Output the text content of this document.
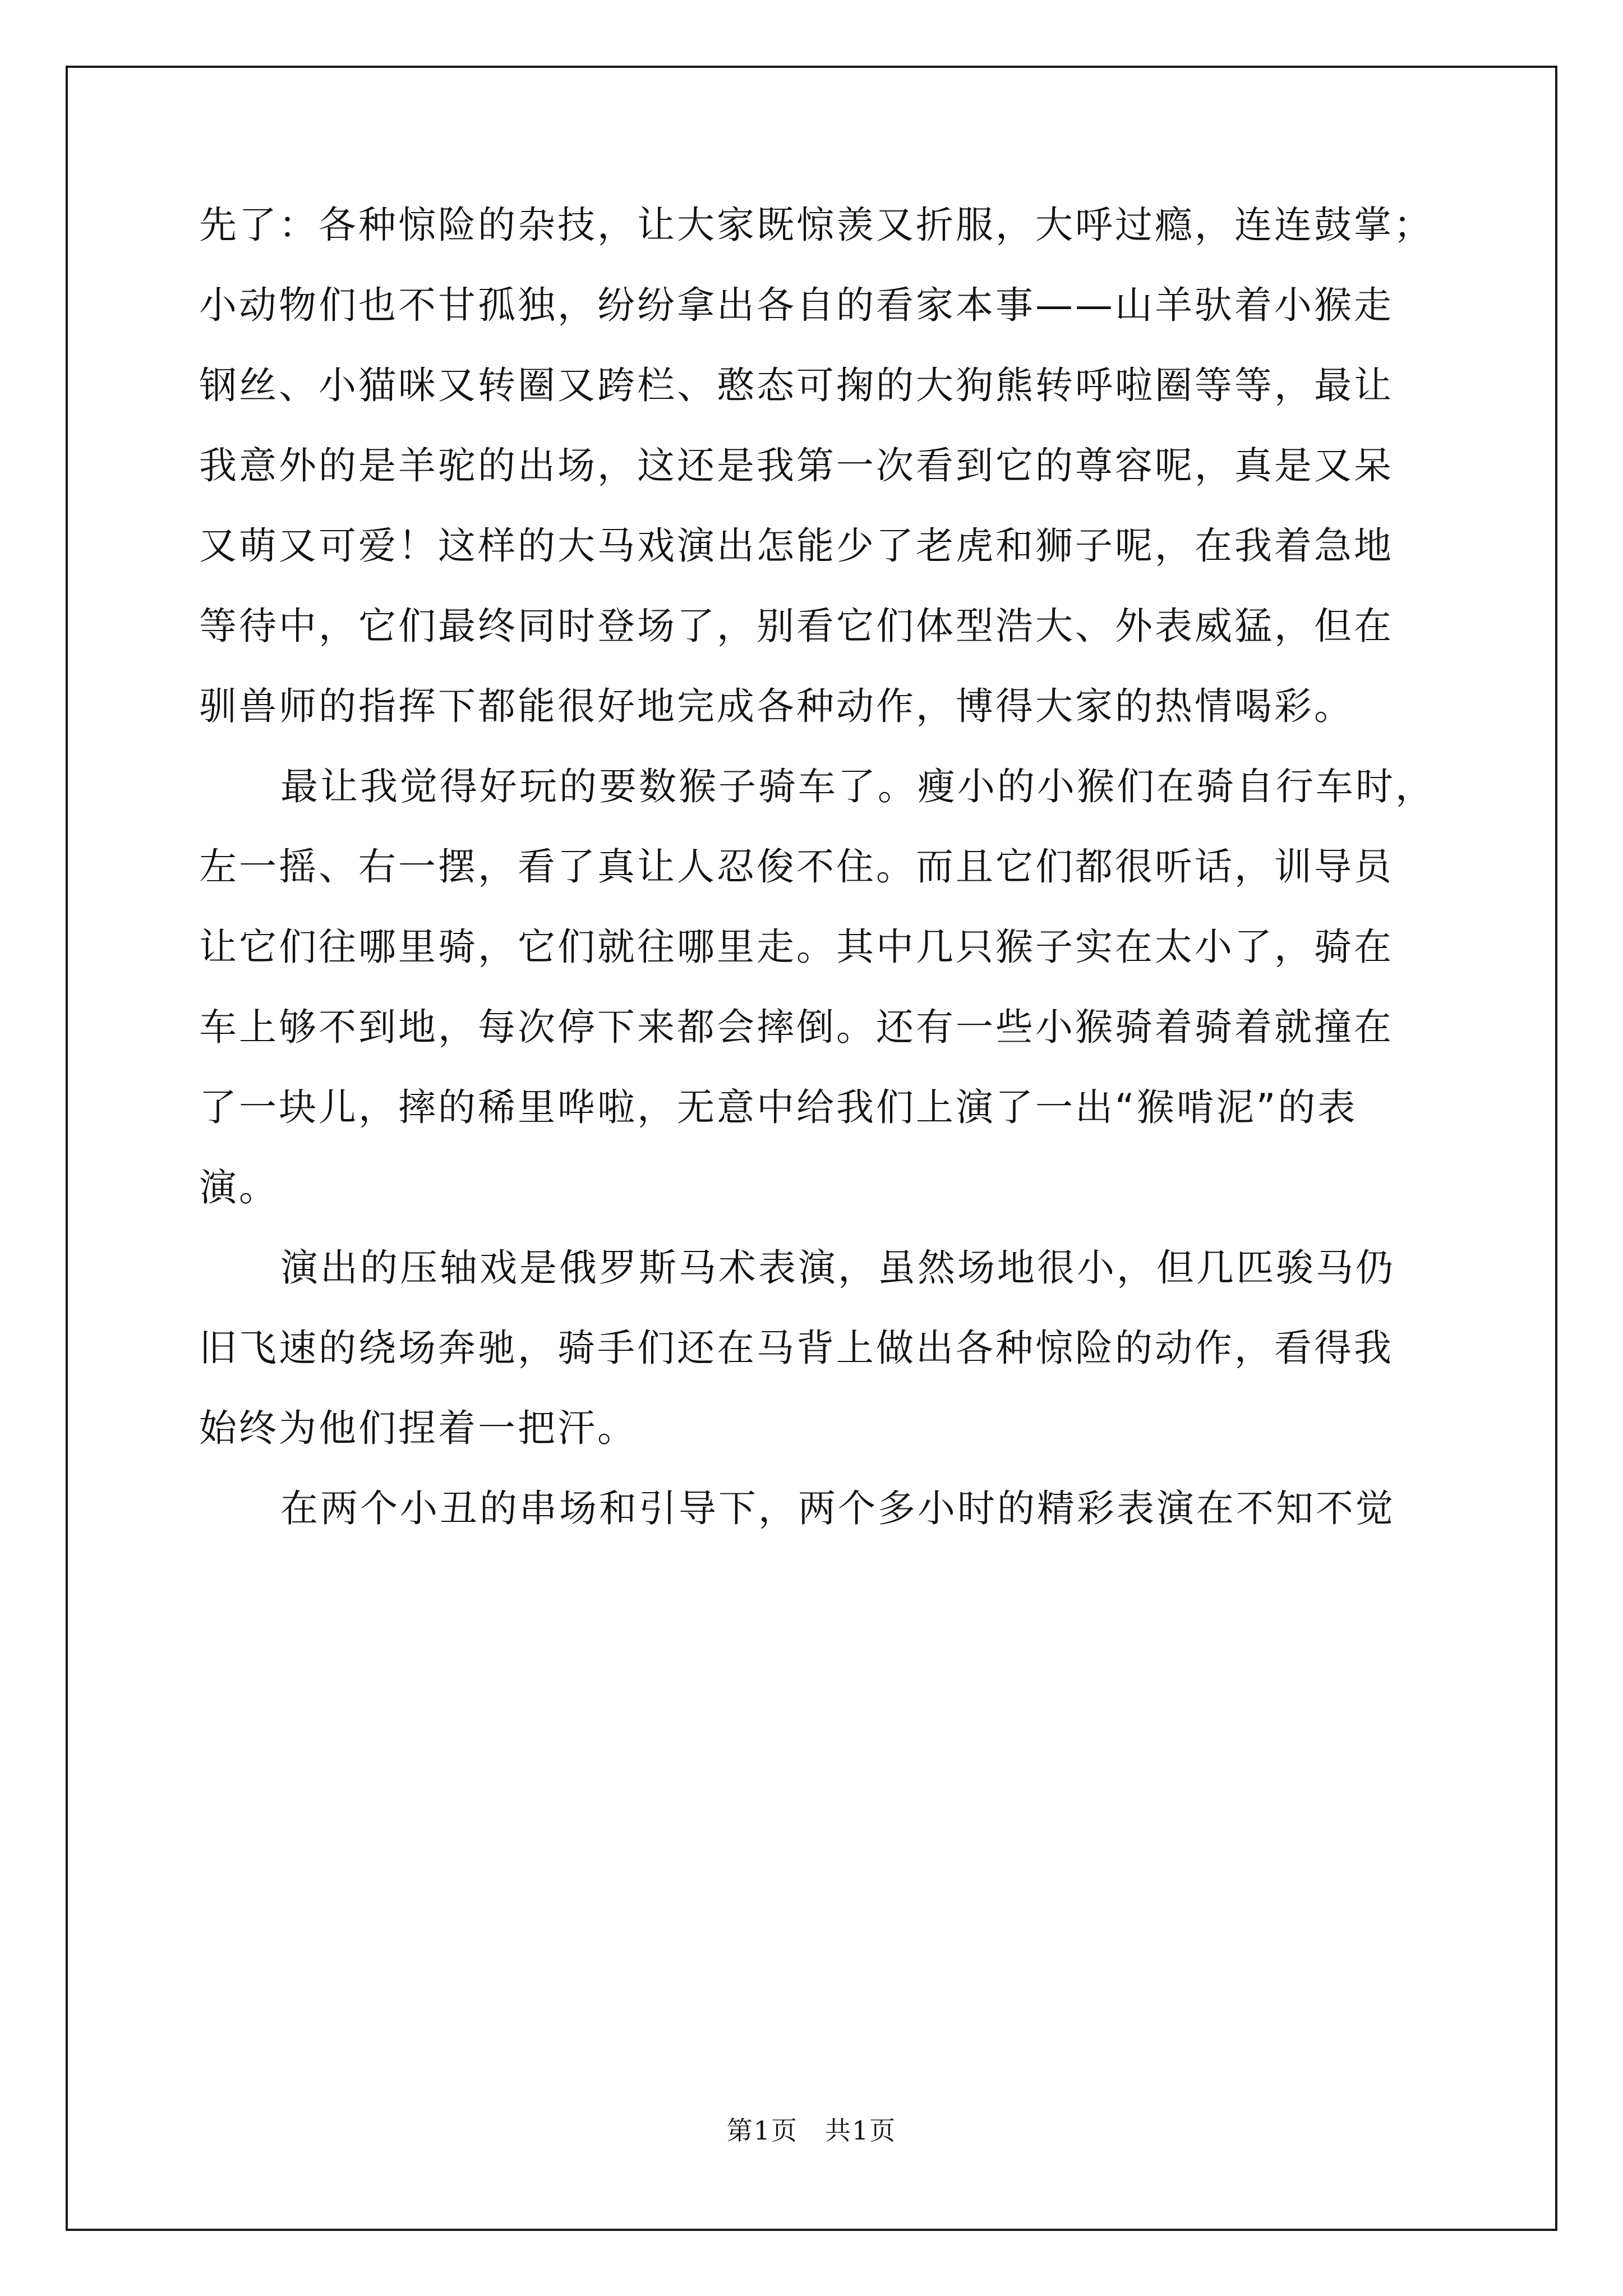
先了：各种惊险的杂技，让大家既惊羡又折服，大呼过瘾，连连鼓掌；
小动物们也不甘孤独，纷纷拿出各自的看家本事——山羊驮着小猴走
钢丝、小猫咪又转圈又跨栏、憨态可掬的大狗熊转呼啦圈等等，最让
我意外的是羊驼的出场，这还是我第一次看到它的尊容呢，真是又呆
又萌又可爱！这样的大马戏演出怎能少了老虎和狮子呢，在我着急地
等待中，它们最终同时登场了，别看它们体型浩大、外表威猛，但在
驯兽师的指挥下都能很好地完成各种动作，博得大家的热情喝彩。
最让我觉得好玩的要数猴子骑车了。瘦小的小猴们在骑自行车时，
左一摇、右一摆，看了真让人忍俊不住。而且它们都很听话，训导员
让它们往哪里骑，它们就往哪里走。其中几只猴子实在太小了，骑在
车上够不到地，每次停下来都会摔倒。还有一些小猴骑着骑着就撞在
了一块儿，摔的稀里哗啦，无意中给我们上演了一出“猴啃泥”的表
演。
演出的压轴戏是俄罗斯马术表演，虽然场地很小，但几匹骏马仍
旧飞速的绕场奔驰，骑手们还在马背上做出各种惊险的动作，看得我
始终为他们捏着一把汗。
在两个小丑的串场和引导下，两个多小时的精彩表演在不知不觉
第1页　共1页
